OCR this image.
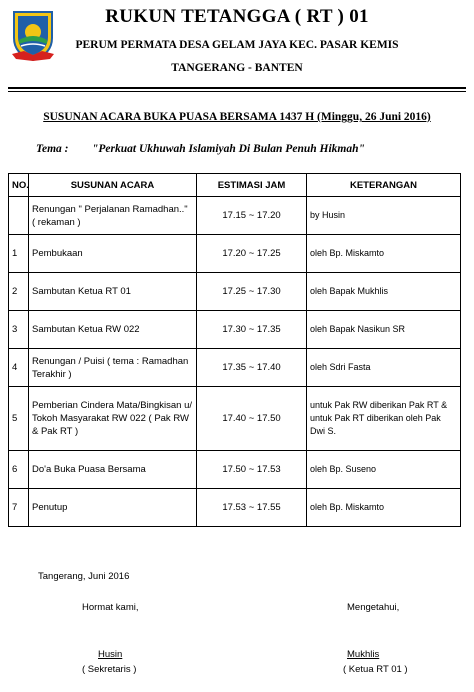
RUKUN TETANGGA ( RT ) 01
PERUM PERMATA DESA GELAM JAYA KEC. PASAR KEMIS
TANGERANG - BANTEN
SUSUNAN ACARA BUKA PUASA BERSAMA 1437 H (Minggu, 26 Juni 2016)
Tema : "Perkuat Ukhuwah Islamiyah Di Bulan Penuh Hikmah"
NO.	SUSUNAN ACARA	ESTIMASI JAM	KETERANGAN
	Renungan " Perjalanan Ramadhan.." ( rekaman )	17.15 ~ 17.20	by Husin
1	Pembukaan	17.20 ~ 17.25	oleh Bp. Miskamto
2	Sambutan Ketua RT 01	17.25 ~ 17.30	oleh Bapak Mukhlis
3	Sambutan Ketua RW 022	17.30 ~ 17.35	oleh Bapak Nasikun SR
4	Renungan / Puisi ( tema : Ramadhan Terakhir )	17.35 ~ 17.40	oleh Sdri Fasta
5	Pemberian Cindera Mata/Bingkisan u/ Tokoh Masyarakat RW 022 ( Pak RW & Pak RT )	17.40 ~ 17.50	untuk Pak RW diberikan Pak RT & untuk Pak RT diberikan oleh Pak Dwi S.
6	Do'a Buka Puasa Bersama	17.50 ~ 17.53	oleh Bp. Suseno
7	Penutup	17.53 ~ 17.55	oleh Bp. Miskamto
Tangerang, Juni 2016
Hormat kami,	Mengetahui,
Husin
( Sekretaris )
Mukhlis
( Ketua RT 01 )
